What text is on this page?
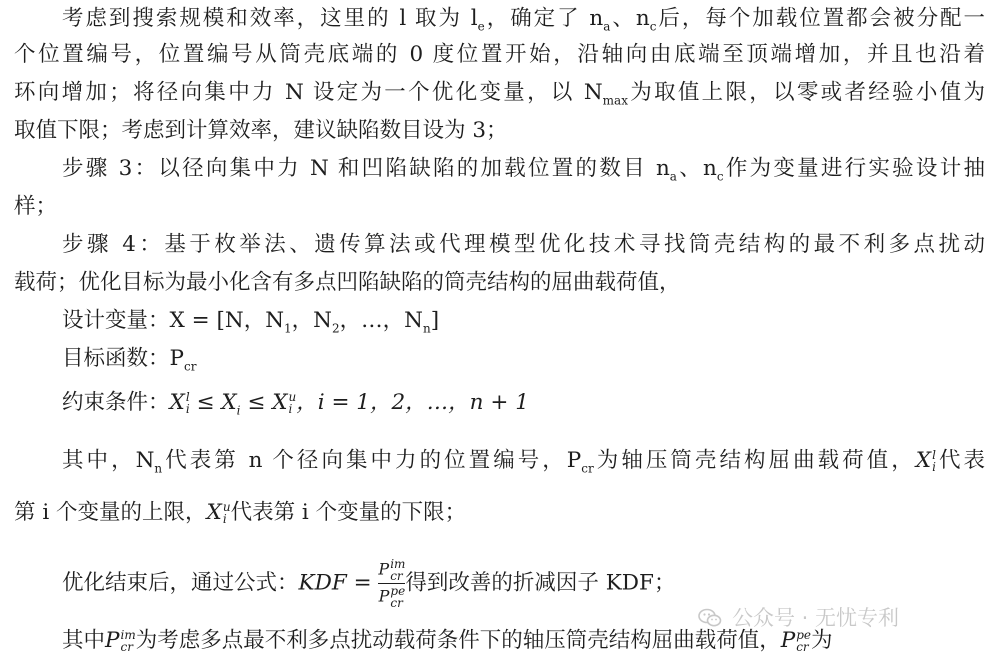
考虑到搜索规模和效率，这里的 l 取为 $l_e$，确定了 $n_a$、$n_c$后，每个加载位置都会被分配一
个位置编号，位置编号从筒壳底端的 0 度位置开始，沿轴向由底端至顶端增加，并且也沿着
环向增加；将径向集中力 N 设定为一个优化变量，以 $N_{max}$为取值上限，以零或者经验小值为
取值下限；考虑到计算效率，建议缺陷数目设为 3；
步骤 3：以径向集中力 N 和凹陷缺陷的加载位置的数目 $n_a$、$n_c$作为变量进行实验设计抽
样；
步骤 4：基于枚举法、遗传算法或代理模型优化技术寻找筒壳结构的最不利多点扰动
载荷；优化目标为最小化含有多点凹陷缺陷的筒壳结构的屈曲载荷值，
设计变量：X = [N，$N_1$，$N_2$，…，$N_n$]
目标函数：$P_{cr}$
约束条件：X l
$i \le X_i \le X$ u
i ，i = 1，2，…，n + 1
其中，$N_n$代表第 n 个径向集中力的位置编号，$P_{cr}$为轴压筒壳结构屈曲载荷值，X l
i 代表
第 i 个变量的上限，X u
i 代表第 i 个变量的下限；
优化结束后，通过公式：KDF = P im
cr
P pe
cr 得到改善的折减因子 KDF；
其中P im
cr 为考虑多点最不利多点扰动载荷条件下的轴压筒壳结构屈曲载荷值，P pe
cr 为
公众号 · 无忧专利
